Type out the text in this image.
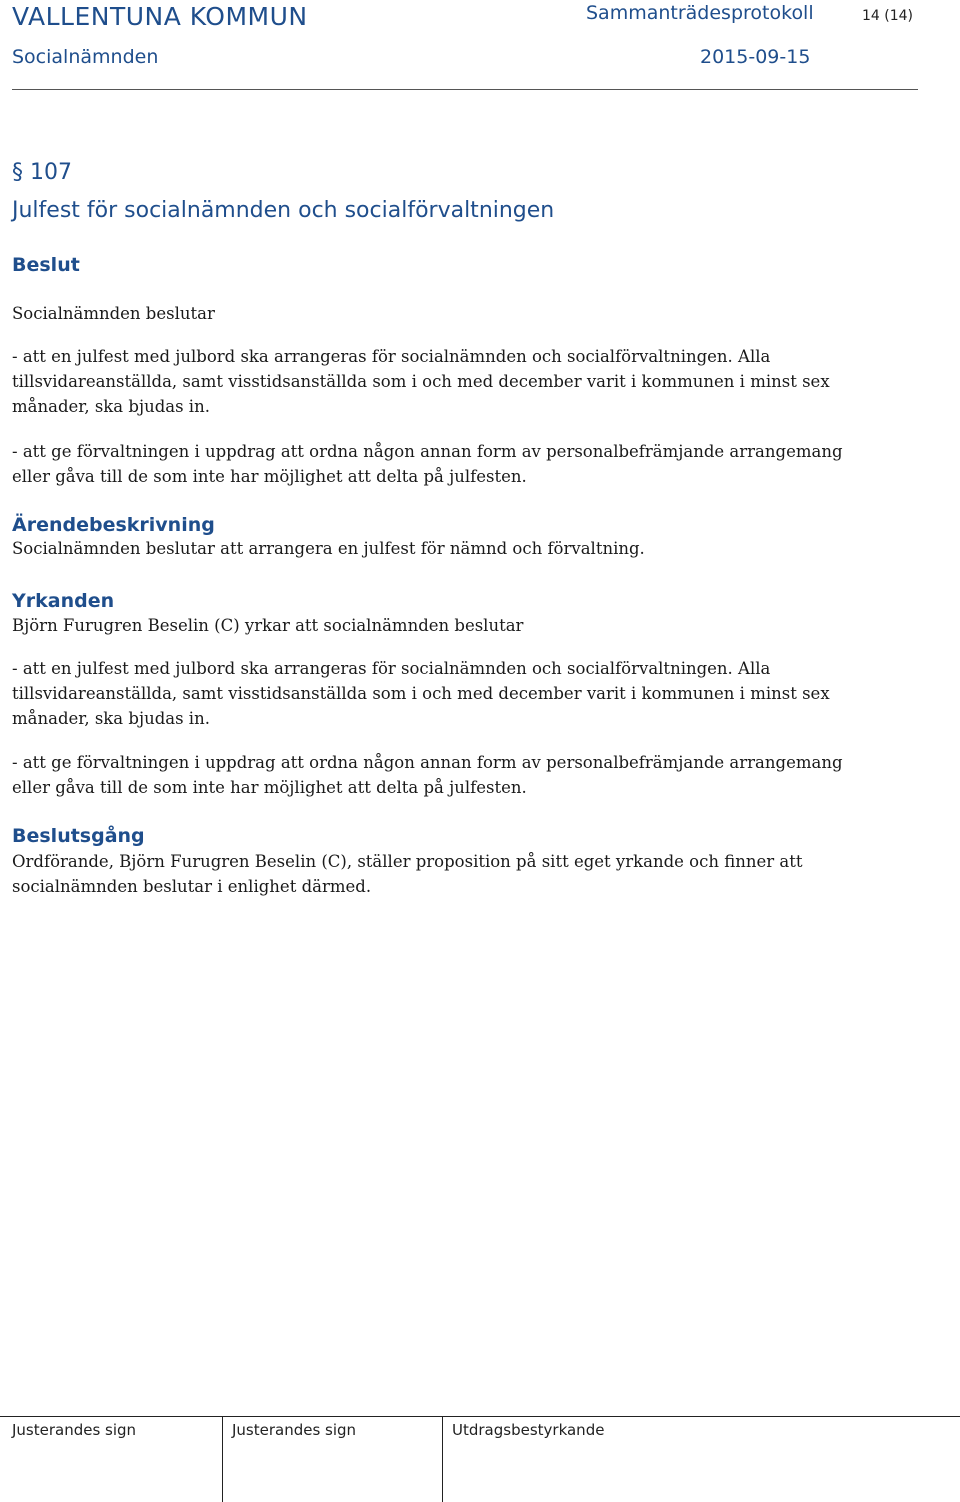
VALLENTUNA KOMMUN	Sammanträdesprotokoll	14 (14)
Socialnämnden	2015-09-15
§ 107
Julfest för socialnämnden och socialförvaltningen
Beslut
Socialnämnden beslutar
- att en julfest med julbord ska arrangeras för socialnämnden och socialförvaltningen. Alla
tillsvidareanställda, samt visstidsanställda som i och med december varit i kommunen i minst sex
månader, ska bjudas in.
- att ge förvaltningen i uppdrag att ordna någon annan form av personalbefrämjande arrangemang
eller gåva till de som inte har möjlighet att delta på julfesten.
Ärendebeskrivning
Socialnämnden beslutar att arrangera en julfest för nämnd och förvaltning.
Yrkanden
Björn Furugren Beselin (C) yrkar att socialnämnden beslutar
- att en julfest med julbord ska arrangeras för socialnämnden och socialförvaltningen. Alla
tillsvidareanställda, samt visstidsanställda som i och med december varit i kommunen i minst sex
månader, ska bjudas in.
- att ge förvaltningen i uppdrag att ordna någon annan form av personalbefrämjande arrangemang
eller gåva till de som inte har möjlighet att delta på julfesten.
Beslutsgång
Ordförande, Björn Furugren Beselin (C), ställer proposition på sitt eget yrkande och finner att
socialnämnden beslutar i enlighet därmed.
Justerandes sign	Justerandes sign	Utdragsbestyrkande
